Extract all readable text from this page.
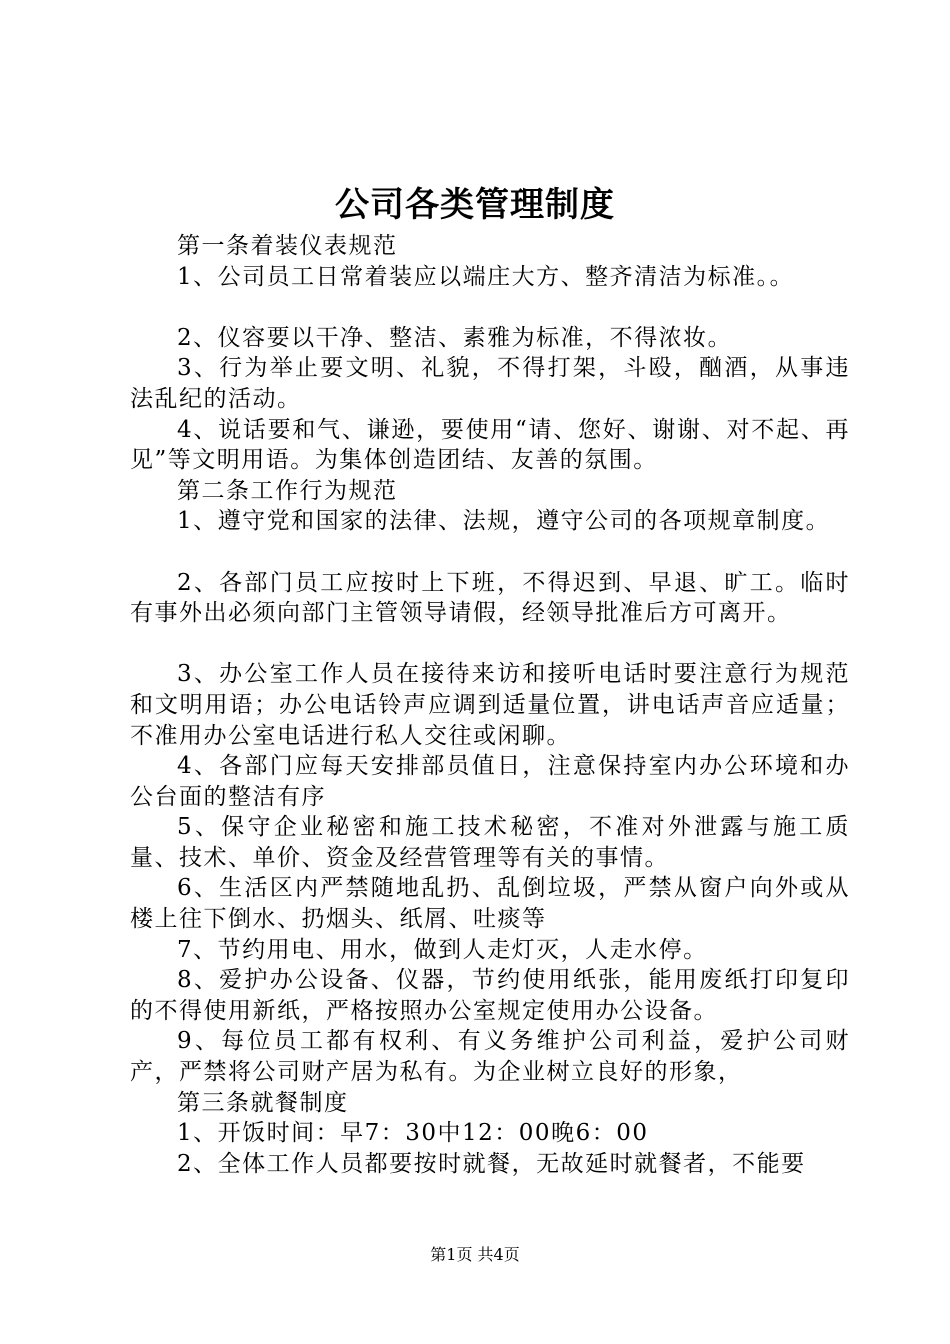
公司各类管理制度

第一条着装仪表规范

1、公司员工日常着装应以端庄大方、整齐清洁为标准。。

2、仪容要以干净、整洁、素雅为标准，不得浓妆。

3、行为举止要文明、礼貌，不得打架，斗殴，酗酒，从事违法乱纪的活动。

4、说话要和气、谦逊，要使用“请、您好、谢谢、对不起、再见”等文明用语。为集体创造团结、友善的氛围。

第二条工作行为规范

1、遵守党和国家的法律、法规，遵守公司的各项规章制度。

2、各部门员工应按时上下班，不得迟到、早退、旷工。临时有事外出必须向部门主管领导请假，经领导批准后方可离开。

3、办公室工作人员在接待来访和接听电话时要注意行为规范和文明用语；办公电话铃声应调到适量位置，讲电话声音应适量；不准用办公室电话进行私人交往或闲聊。

4、各部门应每天安排部员值日，注意保持室内办公环境和办公台面的整洁有序

5、保守企业秘密和施工技术秘密，不准对外泄露与施工质量、技术、单价、资金及经营管理等有关的事情。

6、生活区内严禁随地乱扔、乱倒垃圾，严禁从窗户向外或从楼上往下倒水、扔烟头、纸屑、吐痰等

7、节约用电、用水，做到人走灯灭，人走水停。

8、爱护办公设备、仪器，节约使用纸张，能用废纸打印复印的不得使用新纸，严格按照办公室规定使用办公设备。

9、每位员工都有权利、有义务维护公司利益，爱护公司财产，严禁将公司财产居为私有。为企业树立良好的形象，

第三条就餐制度

1、开饭时间：早7：30中12：00晚6：00

2、全体工作人员都要按时就餐，无故延时就餐者，不能要

第1页 共4页
